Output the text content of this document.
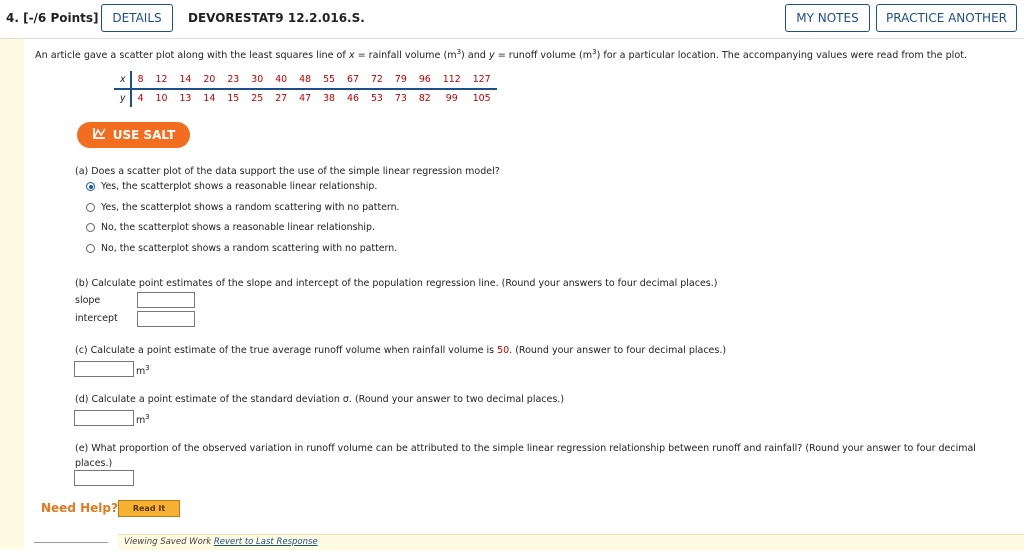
4. [-/6 Points]	DETAILS	DEVORESTAT9 12.2.016.S.	MY NOTES	PRACTICE ANOTHER
An article gave a scatter plot along with the least squares line of x = rainfall volume $(m^3)$ and y = runoff volume $(m^3)$ for a particular location. The accompanying values were read from the plot.
x	8	12	14	20	23	30	40	48	55	67	72	79	96	112	127
y	4	10	13	14	15	25	27	47	38	46	53	73	82	99	105
USE SALT
(a) Does a scatter plot of the data support the use of the simple linear regression model?
Yes, the scatterplot shows a reasonable linear relationship.
Yes, the scatterplot shows a random scattering with no pattern.
No, the scatterplot shows a reasonable linear relationship.
No, the scatterplot shows a random scattering with no pattern.
(b) Calculate point estimates of the slope and intercept of the population regression line. (Round your answers to four decimal places.)
slope
intercept
(c) Calculate a point estimate of the true average runoff volume when rainfall volume is 50. (Round your answer to four decimal places.)
$m^3$
(d) Calculate a point estimate of the standard deviation σ. (Round your answer to two decimal places.)
$m^3$
(e) What proportion of the observed variation in runoff volume can be attributed to the simple linear regression relationship between runoff and rainfall? (Round your answer to four decimal
places.)
Need Help?	Read It
Viewing Saved Work Revert to Last Response
